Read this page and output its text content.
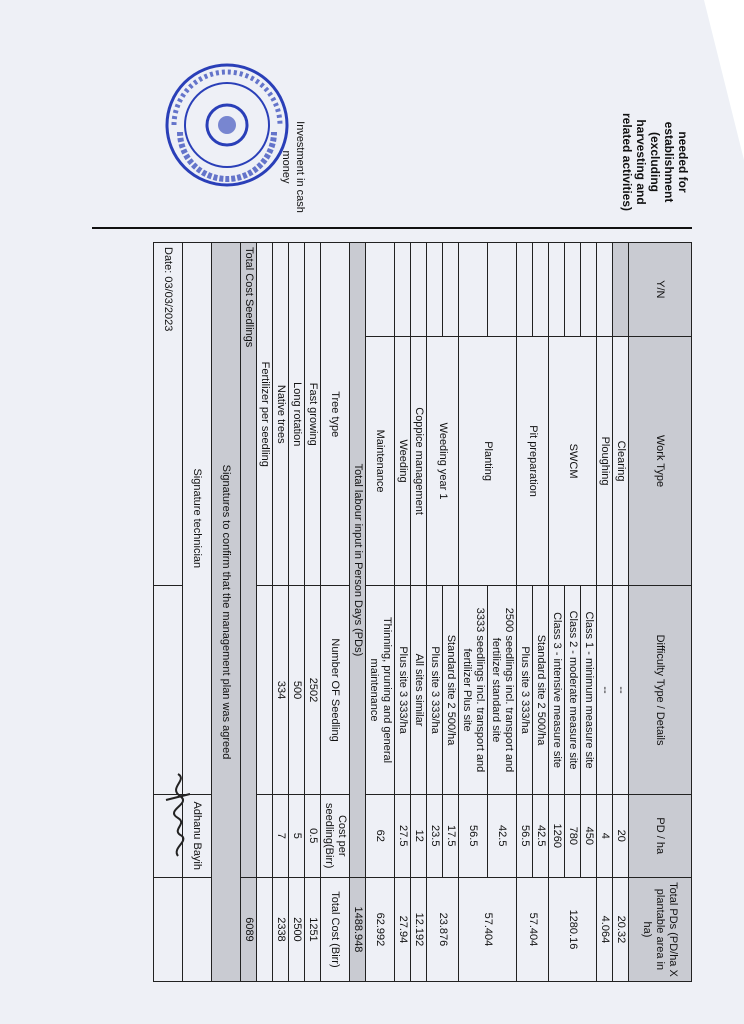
needed for establishment (excluding harvesting and related activities)
Investment in cash money
Y/N	Work Type	Difficulty Type / Details	PD / ha	Total PDs (PD/ha X plantable area in ha)
	Clearing	--	20	20.32
	Ploughing	--	4	4.064
	SWCM	Class 1 - minimum measure site	450	1280.16
		Class 2 - moderate measure site	780	
		Class 3 - intensive measure site	1260	
	Pit preparation	Standard site 2 500/ha	42.5	57.404
		Plus site 3 333/ha	56.5	
	Planting	2500 seedlings incl. transport and fertilizer standard site	42.5	57.404
		3333 seedlings incl. transport and fertilizer Plus site	56.5	
	Weeding year 1	Standard site 2 500/ha	17.5	23.876
		Plus site 3 333/ha	23.5	
	Coppice management	All sites similar	12	12.192
	Weeding	Plus site 3 333/ha	27.5	27.94
	Maintenance	Thinning, pruning and general maintenance	62	62.992
Total labour input in Person Days (PDs)				1488.948
Tree type		Number OF Seedling	Cost per seedling(Birr)	Total Cost (Birr)
Fast growing		2502	0.5	1251
Long rotation		500	5	2500
Native trees		334	7	2338
Fertilizer per seedling				
Total Cost Seedlings				6089
Signatures to confirm that the management plan was agreed				
Signature technician			Adhanu Bayih	
Date: 03/03/2023				
